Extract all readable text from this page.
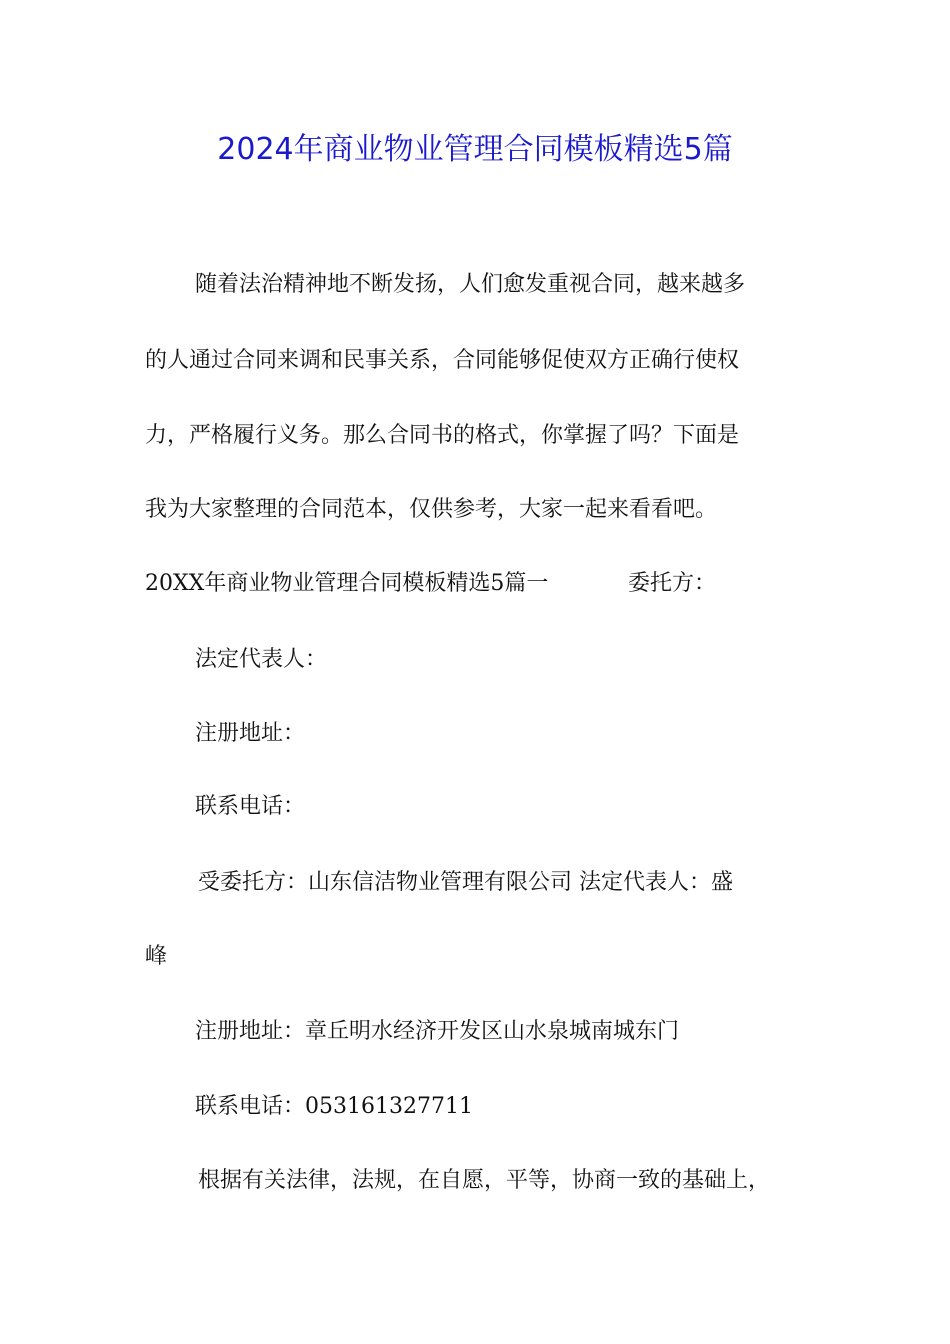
2024年商业物业管理合同模板精选5篇
随着法治精神地不断发扬，人们愈发重视合同，越来越多
的人通过合同来调和民事关系，合同能够促使双方正确行使权
力，严格履行义务。那么合同书的格式，你掌握了吗？下面是
我为大家整理的合同范本，仅供参考，大家一起来看看吧。
20XX年商业物业管理合同模板精选5篇一	委托方：
法定代表人：
注册地址：
联系电话：
受委托方：山东信洁物业管理有限公司 法定代表人：盛
峰
注册地址：章丘明水经济开发区山水泉城南城东门
联系电话：053161327711
根据有关法律，法规，在自愿，平等，协商一致的基础上，
